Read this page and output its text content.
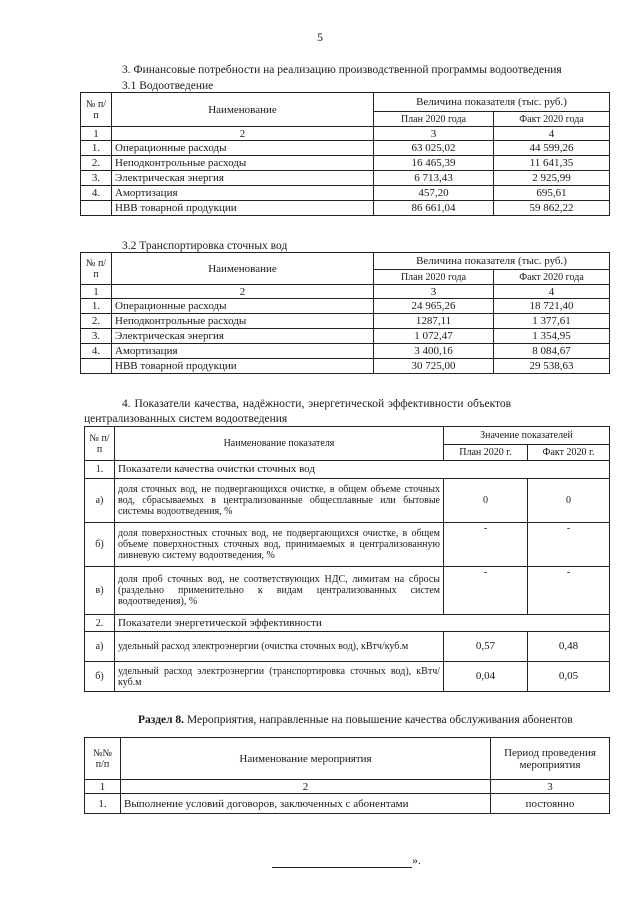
5
3. Финансовые потребности на реализацию производственной программы водоотведения
3.1 Водоотведение
№ п/п	Наименование	Величина показателя (тыс. руб.)	
		План 2020 года	Факт 2020 года
1	2	3	4
1.	Операционные расходы	63 025,02	44 599,26
2.	Неподконтрольные расходы	16 465,39	11 641,35
3.	Электрическая энергия	6 713,43	2 925,99
4.	Амортизация	457,20	695,61
	НВВ товарной продукции	86 661,04	59 862,22
3.2 Транспортировка сточных вод
№ п/п	Наименование	Величина показателя (тыс. руб.)	
		План 2020 года	Факт 2020 года
1	2	3	4
1.	Операционные расходы	24 965,26	18 721,40
2.	Неподконтрольные расходы	1287,11	1 377,61
3.	Электрическая энергия	1 072,47	1 354,95
4.	Амортизация	3 400,16	8 084,67
	НВВ товарной продукции	30 725,00	29 538,63
4. Показатели качества, надёжности, энергетической эффективности объектов
централизованных систем водоотведения
№ п/п	Наименование показателя	Значение показателей	
		План 2020 г.	Факт 2020 г.
1.	Показатели качества очистки сточных вод		
а)	доля сточных вод, не подвергающихся очистке, в общем объеме сточных вод, сбрасываемых в централизованные общесплавные или бытовые системы водоотведения, %	0	0
б)	доля поверхностных сточных вод, не подвергающихся очистке, в общем объеме поверхностных сточных вод, принимаемых в централизованную ливневую систему водоотведения, %	-	-
в)	доля проб сточных вод, не соответствующих НДС, лимитам на сбросы (раздельно применительно к видам централизованных систем водоотведения), %	-	-
2.	Показатели энергетической эффективности		
а)	удельный расход электроэнергии (очистка сточных вод), кВтч/куб.м	0,57	0,48
б)	удельный расход электроэнергии (транспортировка сточных вод), кВтч/куб.м	0,04	0,05
Раздел 8. Мероприятия, направленные на повышение качества обслуживания абонентов
№№ п/п	Наименование мероприятия	Период проведения мероприятия
1	2	3
1.	Выполнение условий договоров, заключенных с абонентами	постоянно
».
